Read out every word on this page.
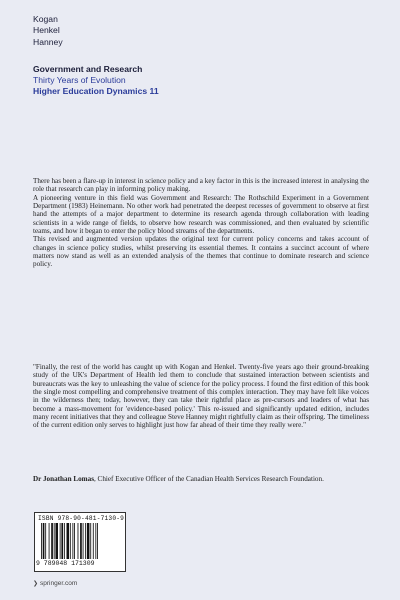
Kogan
Henkel
Hanney
Government and Research
Thirty Years of Evolution
Higher Education Dynamics 11

There has been a flare-up in interest in science policy and a key factor in this is the increased interest in analysing the role that research can play in informing policy making.

A pioneering venture in this field was Government and Research: The Rothschild Experiment in a Government Department (1983) Heinemann. No other work had penetrated the deepest recesses of government to observe at first hand the attempts of a major department to determine its research agenda through collaboration with leading scientists in a wide range of fields, to observe how research was commissioned, and then evaluated by scientific teams, and how it began to enter the policy blood streams of the departments.

This revised and augmented version updates the original text for current policy concerns and takes account of changes in science policy studies, whilst preserving its essential themes. It contains a succinct account of where matters now stand as well as an extended analysis of the themes that continue to dominate research and science policy.

"Finally, the rest of the world has caught up with Kogan and Henkel. Twenty-five years ago their ground-breaking study of the UK's Department of Health led them to conclude that sustained interaction between scientists and bureaucrats was the key to unleashing the value of science for the policy process. I found the first edition of this book the single most compelling and comprehensive treatment of this complex interaction. They may have felt like voices in the wilderness then; today, however, they can take their rightful place as pre-cursors and leaders of what has become a mass-movement for 'evidence-based policy.' This re-issued and significantly updated edition, includes many recent initiatives that they and colleague Steve Hanney might rightfully claim as their offspring. The timeliness of the current edition only serves to highlight just how far ahead of their time they really were."
Dr Jonathan Lomas, Chief Executive Officer of the Canadian Health Services Research Foundation.
ISBN 978-90-481-7130-9
9 789048 171309
❯ springer.com
